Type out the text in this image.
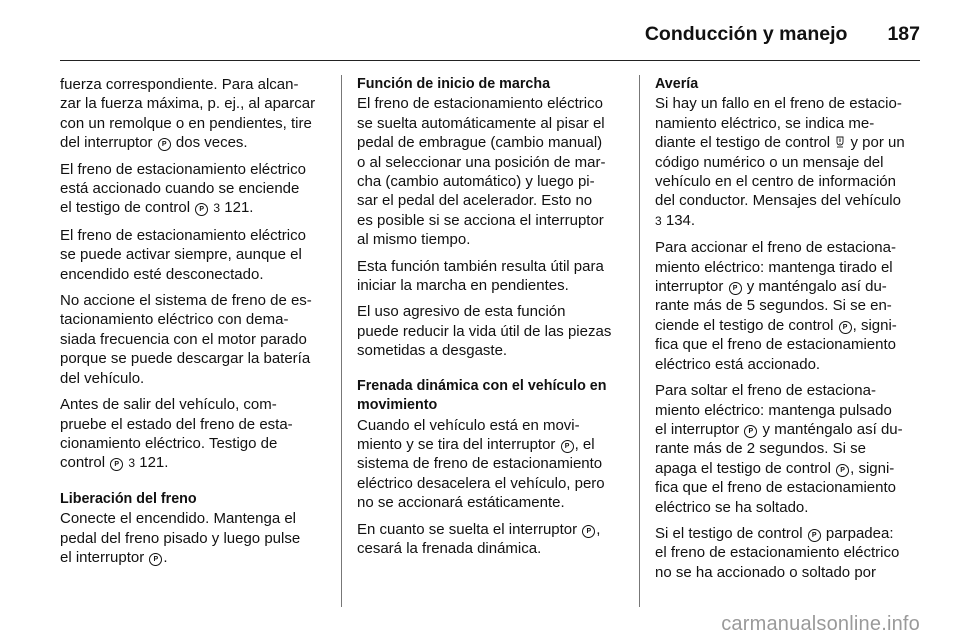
Conducción y manejo 187
fuerza correspondiente. Para alcan-
zar la fuerza máxima, p. ej., al aparcar
con un remolque o en pendientes, tire
del interruptor P dos veces.
El freno de estacionamiento eléctrico
está accionado cuando se enciende
el testigo de control P 3 121.
El freno de estacionamiento eléctrico
se puede activar siempre, aunque el
encendido esté desconectado.
No accione el sistema de freno de es-
tacionamiento eléctrico con dema-
siada frecuencia con el motor parado
porque se puede descargar la batería
del vehículo.
Antes de salir del vehículo, com-
pruebe el estado del freno de esta-
cionamiento eléctrico. Testigo de
control P 3 121.
Liberación del freno
Conecte el encendido. Mantenga el
pedal del freno pisado y luego pulse
el interruptor P .
Función de inicio de marcha
El freno de estacionamiento eléctrico
se suelta automáticamente al pisar el
pedal de embrague (cambio manual)
o al seleccionar una posición de mar-
cha (cambio automático) y luego pi-
sar el pedal del acelerador. Esto no
es posible si se acciona el interruptor
al mismo tiempo.
Esta función también resulta útil para
iniciar la marcha en pendientes.
El uso agresivo de esta función
puede reducir la vida útil de las piezas
sometidas a desgaste.
Frenada dinámica con el vehículo en
movimiento
Cuando el vehículo está en movi-
miento y se tira del interruptor P , el
sistema de freno de estacionamiento
eléctrico desacelera el vehículo, pero
no se accionará estáticamente.
En cuanto se suelta el interruptor P ,
cesará la frenada dinámica.
Avería
Si hay un fallo en el freno de estacio-
namiento eléctrico, se indica me-
diante el testigo de control  y por un
código numérico o un mensaje del
vehículo en el centro de información
del conductor. Mensajes del vehículo
3 134.
Para accionar el freno de estaciona-
miento eléctrico: mantenga tirado el
interruptor P y manténgalo así du-
rante más de 5 segundos. Si se en-
ciende el testigo de control P , signi-
fica que el freno de estacionamiento
eléctrico está accionado.
Para soltar el freno de estaciona-
miento eléctrico: mantenga pulsado
el interruptor P y manténgalo así du-
rante más de 2 segundos. Si se
apaga el testigo de control P , signi-
fica que el freno de estacionamiento
eléctrico se ha soltado.
Si el testigo de control P parpadea:
el freno de estacionamiento eléctrico
no se ha accionado o soltado por
carmanualsonline.info
